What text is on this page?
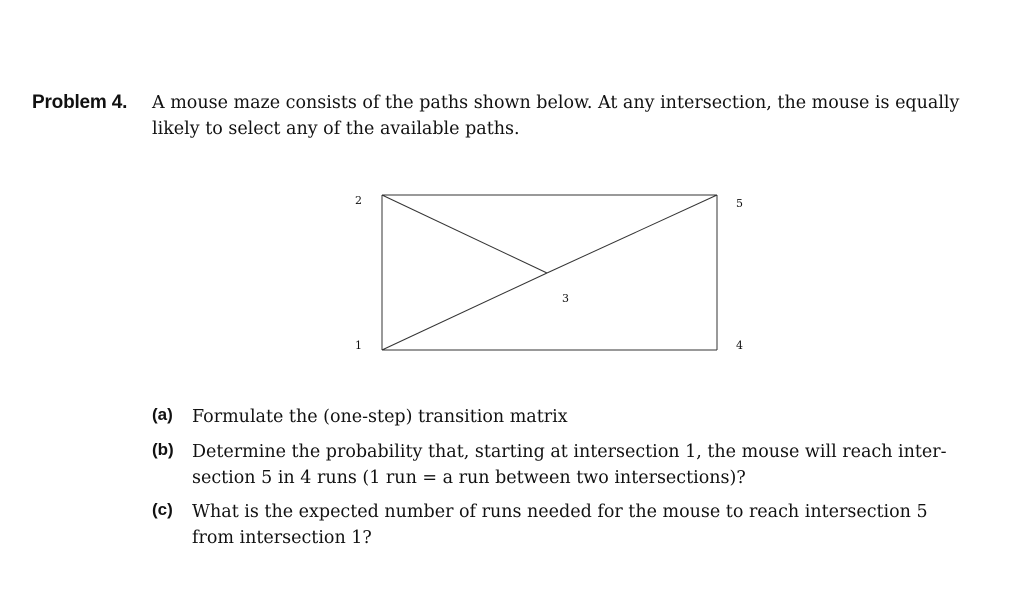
Problem 4. A mouse maze consists of the paths shown below. At any intersection, the mouse is equally
likely to select any of the available paths.
2	5
3
1	4
(a) Formulate the (one-step) transition matrix
(b) Determine the probability that, starting at intersection 1, the mouse will reach inter-
section 5 in 4 runs (1 run = a run between two intersections)?
(c) What is the expected number of runs needed for the mouse to reach intersection 5
from intersection 1?
